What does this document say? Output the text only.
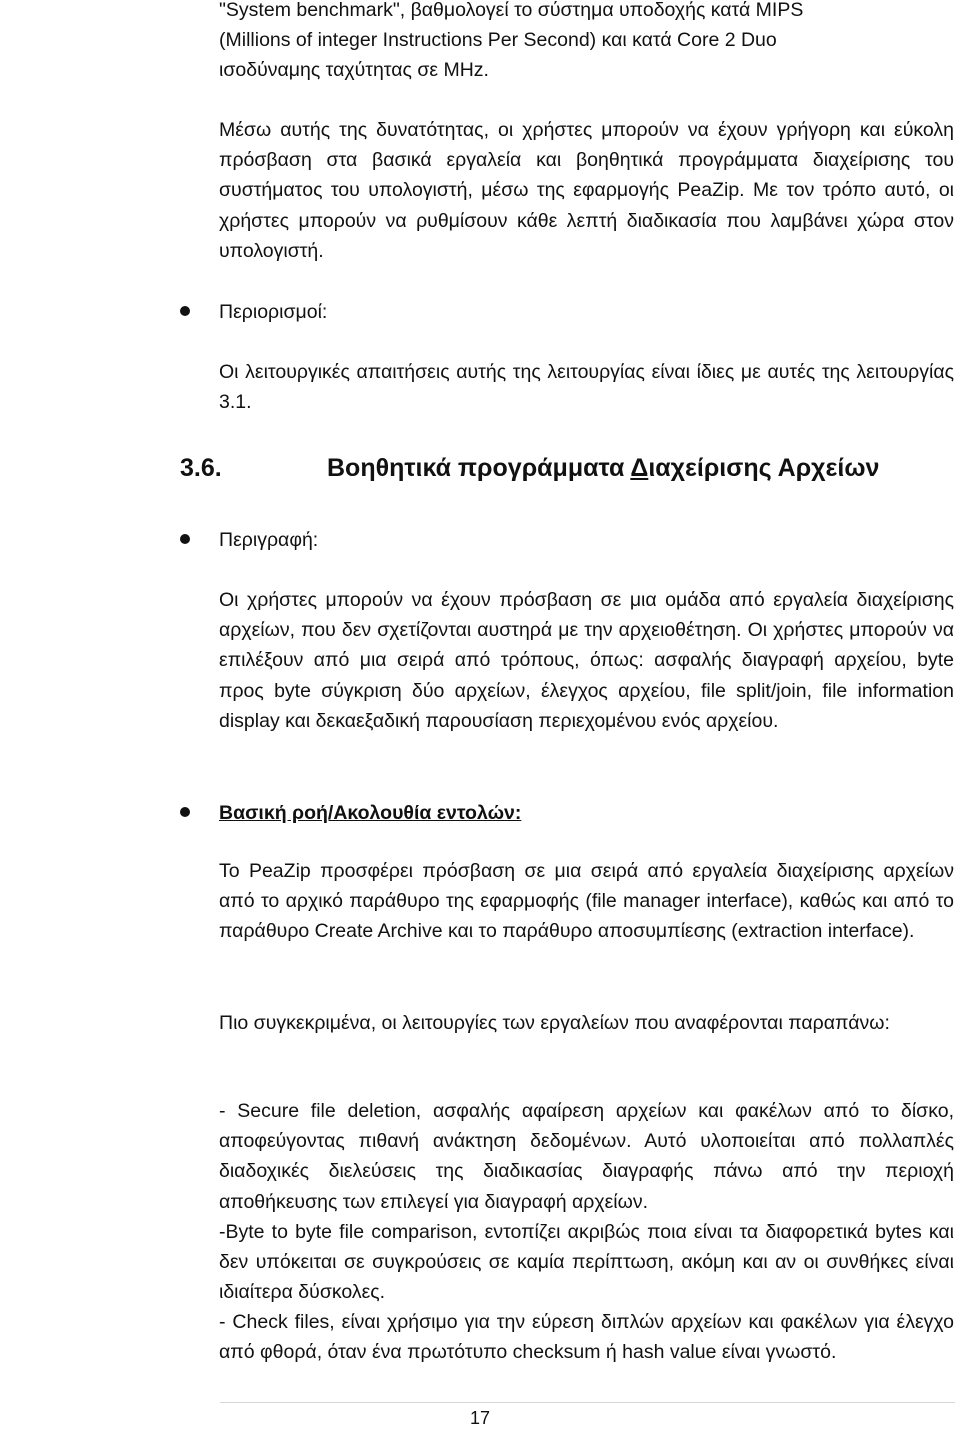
"System benchmark", βαθμολογεί το σύστημα υποδοχής κατά MIPS
(Millions of integer Instructions Per Second) και κατά Core 2 Duo
ισοδύναμης ταχύτητας σε MHz.

Μέσω αυτής της δυνατότητας, οι χρήστες μπορούν να έχουν γρήγορη και εύκολη πρόσβαση στα βασικά εργαλεία και βοηθητικά προγράμματα διαχείρισης του συστήματος του υπολογιστή, μέσω της εφαρμογής PeaZip. Με τον τρόπο αυτό, οι χρήστες μπορούν να ρυθμίσουν κάθε λεπτή διαδικασία που λαμβάνει χώρα στον υπολογιστή.

Περιορισμοί:

Οι λειτουργικές απαιτήσεις αυτής της λειτουργίας είναι ίδιες με αυτές της λειτουργίας 3.1.

3.6.	Βοηθητικά προγράμματα Διαχείρισης Αρχείων
Περιγραφή:

Οι χρήστες μπορούν να έχουν πρόσβαση σε μια ομάδα από εργαλεία διαχείρισης αρχείων, που δεν σχετίζονται αυστηρά με την αρχειοθέτηση. Οι χρήστες μπορούν να επιλέξουν από μια σειρά από τρόπους, όπως: ασφαλής διαγραφή αρχείου, byte προς byte σύγκριση δύο αρχείων, έλεγχος αρχείου, file split/join, file information display και δεκαεξαδική παρουσίαση περιεχομένου ενός αρχείου.

Βασική ροή/Ακολουθία εντολών:

Το PeaZip προσφέρει πρόσβαση σε μια σειρά από εργαλεία διαχείρισης αρχείων από το αρχικό παράθυρο της εφαρμοφής (file manager interface), καθώς και από το παράθυρο Create Archive και το παράθυρο αποσυμπίεσης (extraction interface).

Πιο συγκεκριμένα, οι λειτουργίες των εργαλείων που αναφέρονται παραπάνω:

- Secure file deletion, ασφαλής αφαίρεση αρχείων και φακέλων από το δίσκο, αποφεύγοντας πιθανή ανάκτηση δεδομένων. Αυτό υλοποιείται από πολλαπλές διαδοχικές διελεύσεις της διαδικασίας διαγραφής πάνω από την περιοχή αποθήκευσης των επιλεγεί για διαγραφή αρχείων.

-Byte to byte file comparison, εντοπίζει ακριβώς ποια είναι τα διαφορετικά bytes και δεν υπόκειται σε συγκρούσεις σε καμία περίπτωση, ακόμη και αν οι συνθήκες είναι ιδιαίτερα δύσκολες.

- Check files, είναι χρήσιμο για την εύρεση διπλών αρχείων και φακέλων για έλεγχο από φθορά, όταν ένα πρωτότυπο checksum ή hash value είναι γνωστό.

17
